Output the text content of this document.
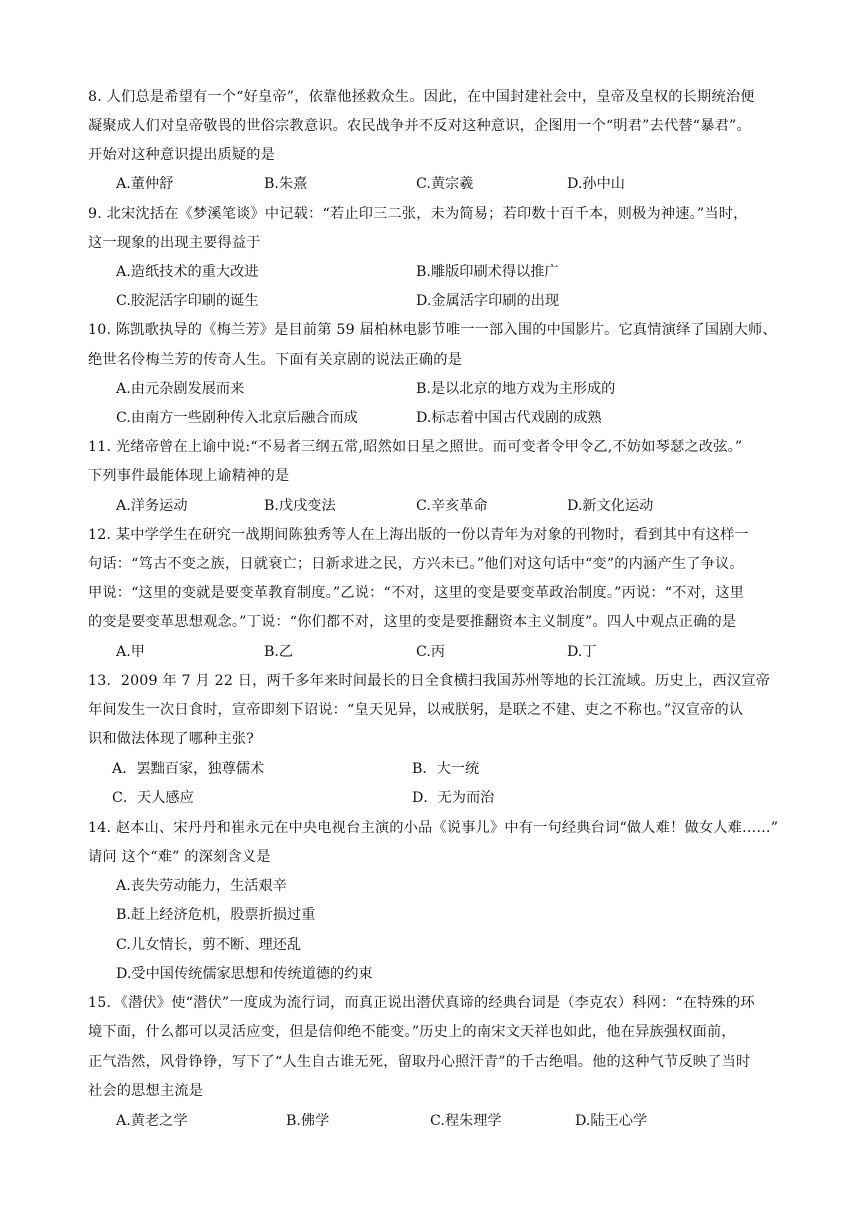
8. 人们总是希望有一个“好皇帝”，依靠他拯救众生。因此，在中国封建社会中，皇帝及皇权的长期统治便
凝聚成人们对皇帝敬畏的世俗宗教意识。农民战争并不反对这种意识，企图用一个“明君”去代替“暴君”。
开始对这种意识提出质疑的是
A.董仲舒	B.朱熹	C.黄宗羲	D.孙中山
9. 北宋沈括在《梦溪笔谈》中记载：“若止印三二张，未为简易；若印数十百千本，则极为神速。”当时，
这一现象的出现主要得益于
A.造纸技术的重大改进	B.雕版印刷术得以推广
C.胶泥活字印刷的诞生	D.金属活字印刷的出现
10. 陈凯歌执导的《梅兰芳》是目前第 59 届柏林电影节唯一一部入围的中国影片。它真情演绎了国剧大师、
绝世名伶梅兰芳的传奇人生。下面有关京剧的说法正确的是
A.由元杂剧发展而来	B.是以北京的地方戏为主形成的
C.由南方一些剧种传入北京后融合而成	D.标志着中国古代戏剧的成熟
11. 光绪帝曾在上谕中说:“不易者三纲五常,昭然如日星之照世。而可变者令甲令乙,不妨如琴瑟之改弦。”
下列事件最能体现上谕精神的是
A.洋务运动	B.戊戌变法	C.辛亥革命	D.新文化运动
12. 某中学学生在研究一战期间陈独秀等人在上海出版的一份以青年为对象的刊物时，看到其中有这样一
句话：“笃古不变之族，日就衰亡；日新求进之民，方兴未已。”他们对这句话中“变”的内涵产生了争议。
甲说：“这里的变就是要变革教育制度。”乙说：“不对，这里的变是要变革政治制度。”丙说：“不对，这里
的变是要变革思想观念。”丁说：“你们都不对，这里的变是要推翻资本主义制度”。四人中观点正确的是
A.甲	B.乙	C.丙	D.丁
13．2009 年 7 月 22 日，两千多年来时间最长的日全食横扫我国苏州等地的长江流域。历史上，西汉宣帝
年间发生一次日食时，宣帝即刻下诏说：“皇天见异，以戒朕躬，是联之不建、吏之不称也。”汉宣帝的认
识和做法体现了哪种主张?
A．罢黜百家，独尊儒术	B．大一统
C．天人感应	D．无为而治
14. 赵本山、宋丹丹和崔永元在中央电视台主演的小品《说事儿》中有一句经典台词“做人难！做女人难……”
请问 这个“难” 的深刻含义是
A.丧失劳动能力，生活艰辛
B.赶上经济危机，股票折损过重
C.儿女情长，剪不断、理还乱
D.受中国传统儒家思想和传统道德的约束
15．《潜伏》使“潜伏”一度成为流行词，而真正说出潜伏真谛的经典台词是（李克农）科网：“在特殊的环
境下面，什么都可以灵活应变，但是信仰绝不能变。”历史上的南宋文天祥也如此，他在异族强权面前，
正气浩然，风骨铮铮，写下了“人生自古谁无死，留取丹心照汗青”的千古绝唱。他的这种气节反映了当时
社会的思想主流是
A.黄老之学	B.佛学	C.程朱理学	D.陆王心学
